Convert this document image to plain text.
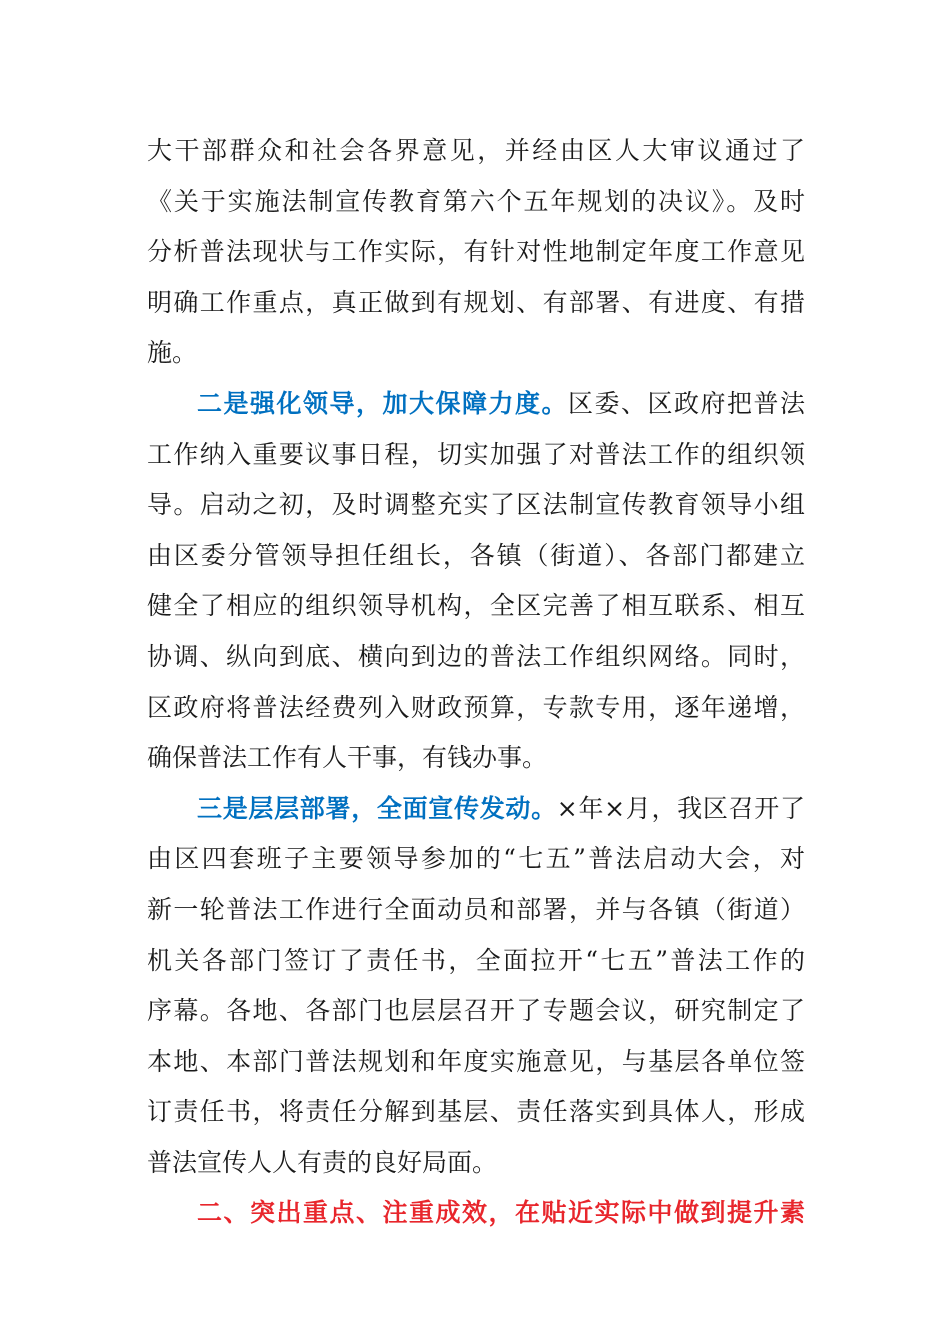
大干部群众和社会各界意见，并经由区人大审议通过了
《关于实施法制宣传教育第六个五年规划的决议》。及时
分析普法现状与工作实际，有针对性地制定年度工作意见
明确工作重点，真正做到有规划、有部署、有进度、有措
施。
二是强化领导，加大保障力度。区委、区政府把普法
工作纳入重要议事日程，切实加强了对普法工作的组织领
导。启动之初，及时调整充实了区法制宣传教育领导小组
由区委分管领导担任组长，各镇（街道）、各部门都建立
健全了相应的组织领导机构，全区完善了相互联系、相互
协调、纵向到底、横向到边的普法工作组织网络。同时，
区政府将普法经费列入财政预算，专款专用，逐年递增，
确保普法工作有人干事，有钱办事。
三是层层部署，全面宣传发动。×年×月，我区召开了
由区四套班子主要领导参加的“七五”普法启动大会，对
新一轮普法工作进行全面动员和部署，并与各镇（街道）
机关各部门签订了责任书，全面拉开“七五”普法工作的
序幕。各地、各部门也层层召开了专题会议，研究制定了
本地、本部门普法规划和年度实施意见，与基层各单位签
订责任书，将责任分解到基层、责任落实到具体人，形成
普法宣传人人有责的良好局面。
二、突出重点、注重成效，在贴近实际中做到提升素
